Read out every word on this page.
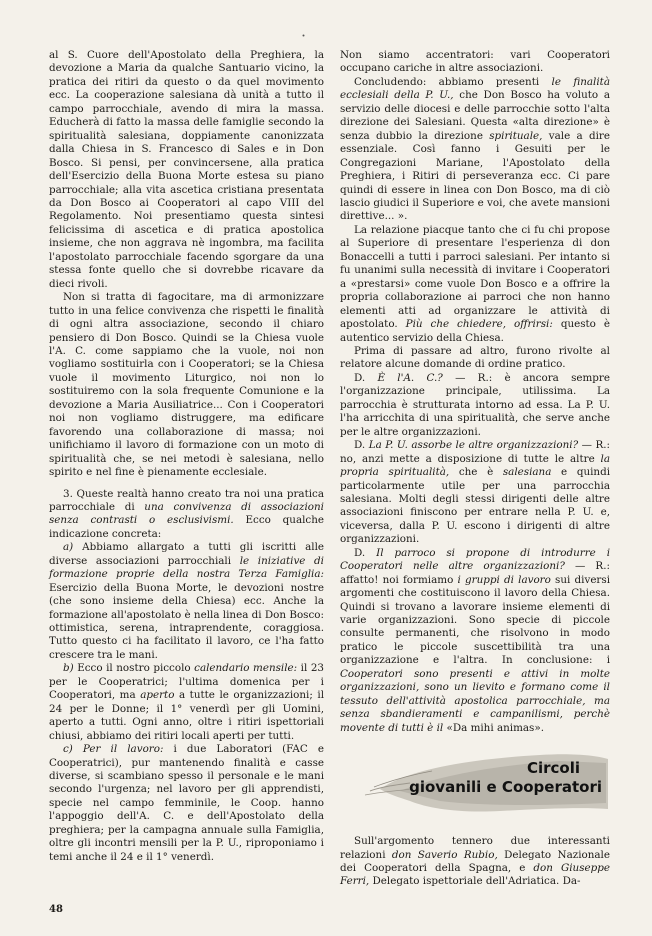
al S. Cuore dell'Apostolato della Preghiera, la devozione a Maria da qualche Santuario vicino, la pratica dei ritiri da questo o da quel movimento ecc. La cooperazione salesiana dà unità a tutto il campo parrocchiale, avendo di mira la massa. Educherà di fatto la massa delle famiglie secondo la spiritualità salesiana, doppiamente canonizzata dalla Chiesa in S. Francesco di Sales e in Don Bosco. Si pensi, per convincersene, alla pratica dell'Esercizio della Buona Morte estesa su piano parrocchiale; alla vita ascetica cristiana presentata da Don Bosco ai Cooperatori al capo VIII del Regolamento. Noi presentiamo questa sintesi felicissima di ascetica e di pratica apostolica insieme, che non aggrava nè ingombra, ma facilita l'apostolato parrocchiale facendo sgorgare da una stessa fonte quello che si dovrebbe ricavare da dieci rivoli.

Non si tratta di fagocitare, ma di armonizzare tutto in una felice convivenza che rispetti le finalità di ogni altra associazione, secondo il chiaro pensiero di Don Bosco. Quindi se la Chiesa vuole l'A. C. come sappiamo che la vuole, noi non vogliamo sostituirla con i Cooperatori; se la Chiesa vuole il movimento Liturgico, noi non lo sostituiremo con la sola frequente Comunione e la devozione a Maria Ausiliatrice... Con i Cooperatori noi non vogliamo distruggere, ma edificare favorendo una collaborazione di massa; noi unifichiamo il lavoro di formazione con un moto di spiritualità che, se nei metodi è salesiana, nello spirito e nel fine è pienamente ecclesiale.

3. Queste realtà hanno creato tra noi una pratica parrocchiale di una convivenza di associazioni senza contrasti o esclusivismi. Ecco qualche indicazione concreta:

a) Abbiamo allargato a tutti gli iscritti alle diverse associazioni parrocchiali le iniziative di formazione proprie della nostra Terza Famiglia: Esercizio della Buona Morte, le devozioni nostre (che sono insieme della Chiesa) ecc. Anche la formazione all'apostolato è nella linea di Don Bosco: ottimistica, serena, intraprendente, coraggiosa. Tutto questo ci ha facilitato il lavoro, ce l'ha fatto crescere tra le mani.

b) Ecco il nostro piccolo calendario mensile: il 23 per le Cooperatrici; l'ultima domenica per i Cooperatori, ma aperto a tutte le organizzazioni; il 24 per le Donne; il 1° venerdì per gli Uomini, aperto a tutti. Ogni anno, oltre i ritiri ispettoriali chiusi, abbiamo dei ritiri locali aperti per tutti.

c) Per il lavoro: i due Laboratori (FAC e Cooperatrici), pur mantenendo finalità e casse diverse, si scambiano spesso il personale e le mani secondo l'urgenza; nel lavoro per gli apprendisti, specie nel campo femminile, le Coop. hanno l'appoggio dell'A. C. e dell'Apostolato della preghiera; per la campagna annuale sulla Famiglia, oltre gli incontri mensili per la P. U., riproponiamo i temi anche il 24 e il 1° venerdì.

Non siamo accentratori: vari Cooperatori occupano cariche in altre associazioni.

Concludendo: abbiamo presenti le finalità ecclesiali della P. U., che Don Bosco ha voluto a servizio delle diocesi e delle parrocchie sotto l'alta direzione dei Salesiani. Questa «alta direzione» è senza dubbio la direzione spirituale, vale a dire essenziale. Così fanno i Gesuiti per le Congregazioni Mariane, l'Apostolato della Preghiera, i Ritiri di perseveranza ecc. Ci pare quindi di essere in linea con Don Bosco, ma di ciò lascio giudici il Superiore e voi, che avete mansioni direttive... ».

La relazione piacque tanto che ci fu chi propose al Superiore di presentare l'esperienza di don Bonaccelli a tutti i parroci salesiani. Per intanto si fu unanimi sulla necessità di invitare i Cooperatori a «prestarsi» come vuole Don Bosco e a offrire la propria collaborazione ai parroci che non hanno elementi atti ad organizzare le attività di apostolato. Più che chiedere, offrirsi: questo è autentico servizio della Chiesa.

Prima di passare ad altro, furono rivolte al relatore alcune domande di ordine pratico.

D. È l'A. C.? — R.: è ancora sempre l'organizzazione principale, utilissima. La parrocchia è strutturata intorno ad essa. La P. U. l'ha arricchita di una spiritualità, che serve anche per le altre organizzazioni.

D. La P. U. assorbe le altre organizzazioni? — R.: no, anzi mette a disposizione di tutte le altre la propria spiritualità, che è salesiana e quindi particolarmente utile per una parrocchia salesiana. Molti degli stessi dirigenti delle altre associazioni finiscono per entrare nella P. U. e, viceversa, dalla P. U. escono i dirigenti di altre organizzazioni.

D. Il parroco si propone di introdurre i Cooperatori nelle altre organizzazioni? — R.: affatto! noi formiamo i gruppi di lavoro sui diversi argomenti che costituiscono il lavoro della Chiesa. Quindi si trovano a lavorare insieme elementi di varie organizzazioni. Sono specie di piccole consulte permanenti, che risolvono in modo pratico le piccole suscettibilità tra una organizzazione e l'altra. In conclusione: i Cooperatori sono presenti e attivi in molte organizzazioni, sono un lievito e formano come il tessuto dell'attività apostolica parrocchiale, ma senza sbandieramenti e campanilismi, perchè movente di tutti è il «Da mihi animas».

Circoli
giovanili e Cooperatori

Sull'argomento tennero due interessanti relazioni don Saverio Rubio, Delegato Nazionale dei Cooperatori della Spagna, e don Giuseppe Ferri, Delegato ispettoriale dell'Adriatica. Da-

48
